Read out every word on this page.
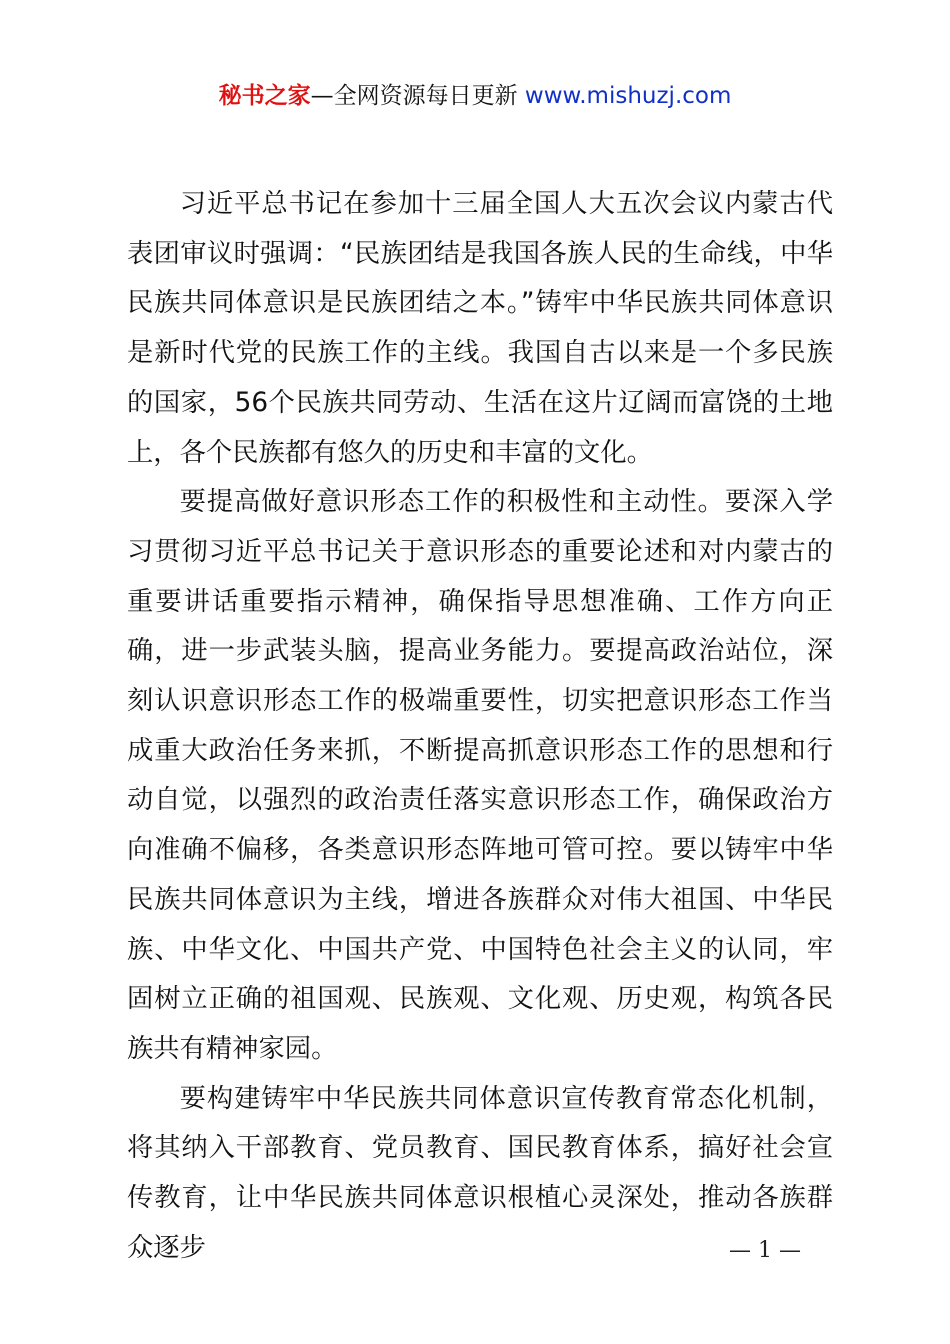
秘书之家—全网资源每日更新 www.mishuzj.com

习近平总书记在参加十三届全国人大五次会议内蒙古代表团审议时强调：“民族团结是我国各族人民的生命线，中华民族共同体意识是民族团结之本。”铸牢中华民族共同体意识是新时代党的民族工作的主线。我国自古以来是一个多民族的国家，56个民族共同劳动、生活在这片辽阔而富饶的土地上，各个民族都有悠久的历史和丰富的文化。

要提高做好意识形态工作的积极性和主动性。要深入学习贯彻习近平总书记关于意识形态的重要论述和对内蒙古的重要讲话重要指示精神，确保指导思想准确、工作方向正确，进一步武装头脑，提高业务能力。要提高政治站位，深刻认识意识形态工作的极端重要性，切实把意识形态工作当成重大政治任务来抓，不断提高抓意识形态工作的思想和行动自觉，以强烈的政治责任落实意识形态工作，确保政治方向准确不偏移，各类意识形态阵地可管可控。要以铸牢中华民族共同体意识为主线，增进各族群众对伟大祖国、中华民族、中华文化、中国共产党、中国特色社会主义的认同，牢固树立正确的祖国观、民族观、文化观、历史观，构筑各民族共有精神家园。

要构建铸牢中华民族共同体意识宣传教育常态化机制，将其纳入干部教育、党员教育、国民教育体系，搞好社会宣传教育，让中华民族共同体意识根植心灵深处，推动各族群众逐步	— 1 —
